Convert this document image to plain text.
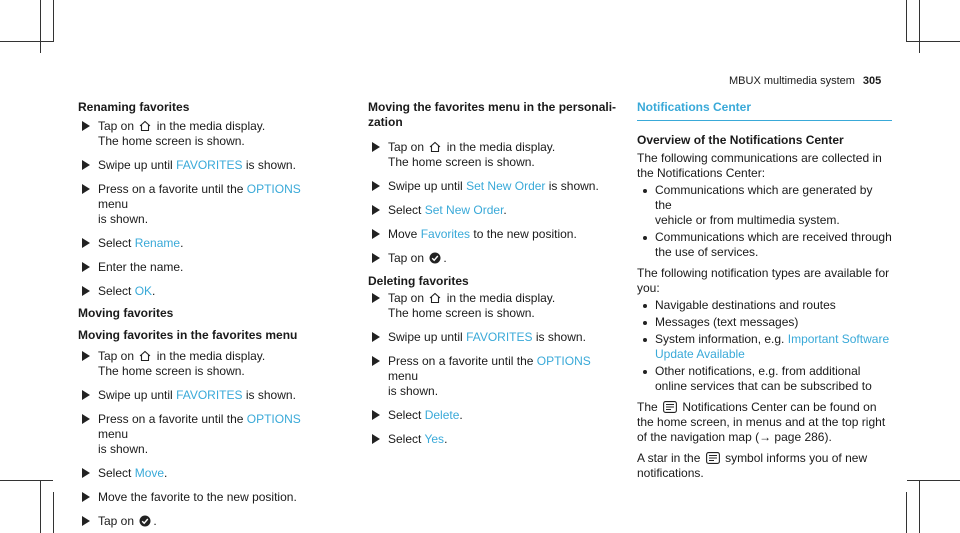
MBUX multimedia system 305
Renaming favorites
Tap on in the media display.
The home screen is shown.
Swipe up until FAVORITES is shown.
Press on a favorite until the OPTIONS menu
is shown.
Select Rename.
Enter the name.
Select OK.
Moving favorites
Moving favorites in the favorites menu
Tap on in the media display.
The home screen is shown.
Swipe up until FAVORITES is shown.
Press on a favorite until the OPTIONS menu
is shown.
Select Move.
Move the favorite to the new position.
Tap on .
Moving the favorites menu in the personali-
zation
Tap on in the media display.
The home screen is shown.
Swipe up until Set New Order is shown.
Select Set New Order.
Move Favorites to the new position.
Tap on .
Deleting favorites
Tap on in the media display.
The home screen is shown.
Swipe up until FAVORITES is shown.
Press on a favorite until the OPTIONS menu
is shown.
Select Delete.
Select Yes.
Notifications Center
Overview of the Notifications Center
The following communications are collected in
the Notifications Center:
Communications which are generated by the
vehicle or from multimedia system.
Communications which are received through
the use of services.
The following notification types are available for
you:
Navigable destinations and routes
Messages (text messages)
System information, e.g. Important Software
Update Available
Other notifications, e.g. from additional
online services that can be subscribed to
The Notifications Center can be found on
the home screen, in menus and at the top right
of the navigation map (→ page 286).
A star in the symbol informs you of new
notifications.
